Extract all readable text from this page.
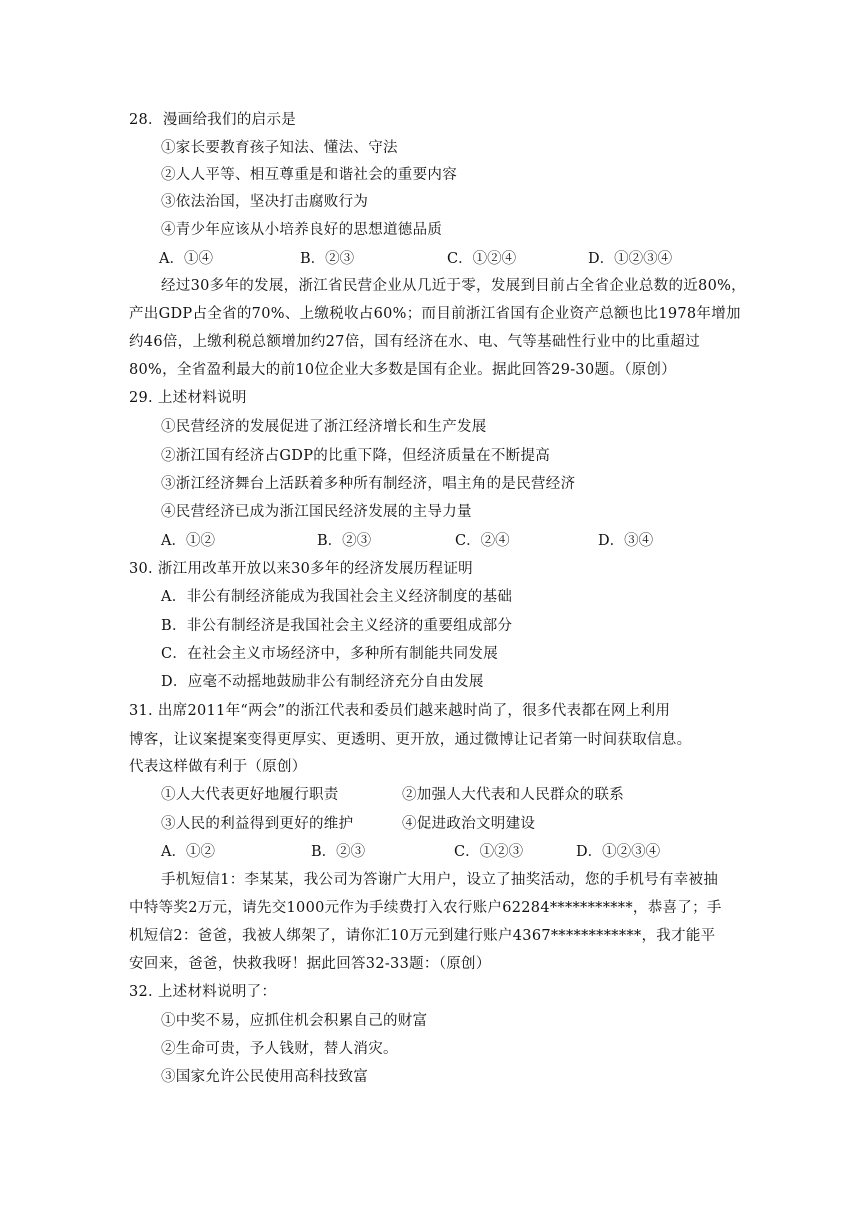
28．漫画给我们的启示是
①家长要教育孩子知法、懂法、守法
②人人平等、相互尊重是和谐社会的重要内容
③依法治国，坚决打击腐败行为
④青少年应该从小培养良好的思想道德品质
A．①④	B．②③	C．①②④	D．①②③④
经过30多年的发展，浙江省民营企业从几近于零，发展到目前占全省企业总数的近80%，
产出GDP占全省的70%、上缴税收占60%；而目前浙江省国有企业资产总额也比1978年增加
约46倍，上缴利税总额增加约27倍，国有经济在水、电、气等基础性行业中的比重超过
80%，全省盈利最大的前10位企业大多数是国有企业。据此回答29-30题。（原创）
29. 上述材料说明
①民营经济的发展促进了浙江经济增长和生产发展
②浙江国有经济占GDP的比重下降，但经济质量在不断提高
③浙江经济舞台上活跃着多种所有制经济，唱主角的是民营经济
④民营经济已成为浙江国民经济发展的主导力量
A．①②	B．②③	C．②④	D．③④
30. 浙江用改革开放以来30多年的经济发展历程证明
A．非公有制经济能成为我国社会主义经济制度的基础
B．非公有制经济是我国社会主义经济的重要组成部分
C．在社会主义市场经济中，多种所有制能共同发展
D．应毫不动摇地鼓励非公有制经济充分自由发展
31. 出席2011年“两会”的浙江代表和委员们越来越时尚了，很多代表都在网上利用
博客，让议案提案变得更厚实、更透明、更开放，通过微博让记者第一时间获取信息。
代表这样做有利于（原创）
①人大代表更好地履行职责	②加强人大代表和人民群众的联系
③人民的利益得到更好的维护	④促进政治文明建设
A．①②	B．②③	C．①②③	D．①②③④
手机短信1：李某某，我公司为答谢广大用户，设立了抽奖活动，您的手机号有幸被抽
中特等奖2万元，请先交1000元作为手续费打入农行账户62284***********，恭喜了；手
机短信2：爸爸，我被人绑架了，请你汇10万元到建行账户4367************，我才能平
安回来，爸爸，快救我呀！据此回答32-33题：（原创）
32. 上述材料说明了：
①中奖不易，应抓住机会积累自己的财富
②生命可贵，予人钱财，替人消灾。
③国家允许公民使用高科技致富
